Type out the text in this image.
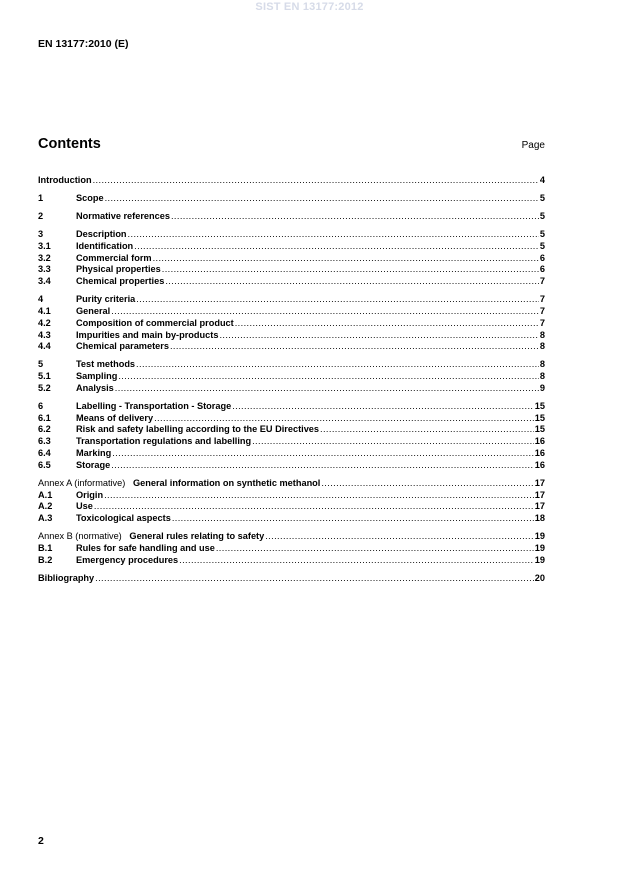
SIST EN 13177:2012
EN 13177:2010 (E)
Contents	Page
Introduction .....	4
1	Scope .....	5
2	Normative references .....	5
3	Description .....	5
3.1	Identification .....	5
3.2	Commercial form .....	6
3.3	Physical properties .....	6
3.4	Chemical properties .....	7
4	Purity criteria .....	7
4.1	General .....	7
4.2	Composition of commercial product .....	7
4.3	Impurities and main by-products .....	8
4.4	Chemical parameters .....	8
5	Test methods .....	8
5.1	Sampling .....	8
5.2	Analysis .....	9
6	Labelling - Transportation - Storage .....	15
6.1	Means of delivery .....	15
6.2	Risk and safety labelling according to the EU Directives .....	15
6.3	Transportation regulations and labelling .....	16
6.4	Marking .....	16
6.5	Storage .....	16
Annex A (informative) General information on synthetic methanol .....	17
A.1	Origin .....	17
A.2	Use .....	17
A.3	Toxicological aspects .....	18
Annex B (normative) General rules relating to safety .....	19
B.1	Rules for safe handling and use .....	19
B.2	Emergency procedures .....	19
Bibliography .....	20
2
